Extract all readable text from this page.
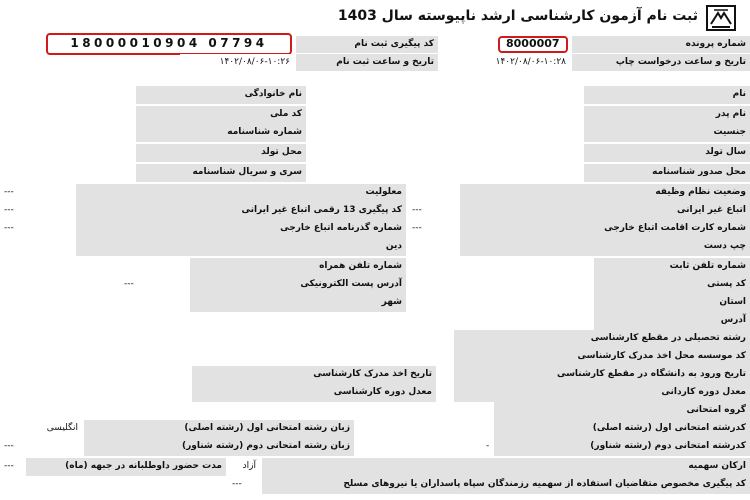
ثبت نام آزمون کارشناسی ارشد ناپیوسته سال 1403
شماره پرونده
کد پیگیری ثبت نام	8000007
18000010904 07794
تاریخ و ساعت درخواست چاپ
۱۴۰۲/۰۸/۰۶-۱۰:۲۸
تاریخ و ساعت ثبت نام
۱۴۰۲/۰۸/۰۶-۱۰:۲۶
نام
نام خانوادگی
نام پدر
کد ملی
جنسیت
شماره شناسنامه
سال تولد
محل تولد
محل صدور شناسنامه
سری و سریال شناسنامه
وضعیت نظام وظیفه
معلولیت
---
اتباع غیر ایرانی
---
کد پیگیری 13 رقمی اتباع غیر ایرانی
---
شماره کارت اقامت اتباع خارجی
---
شماره گذرنامه اتباع خارجی
---
چپ دست
دین
شماره تلفن ثابت
شماره تلفن همراه
کد پستی
آدرس پست الکترونیکی
---
استان
شهر
آدرس
رشته تحصیلی در مقطع کارشناسی
کد موسسه محل اخذ مدرک کارشناسی
تاریخ ورود به دانشگاه در مقطع کارشناسی
تاریخ اخذ مدرک کارشناسی
معدل دوره کاردانی
معدل دوره کارشناسی
گروه امتحانی
کدرشته امتحانی اول (رشته اصلی)
زبان رشته امتحانی اول (رشته اصلی)
انگلیسی
کدرشته امتحانی دوم (رشته شناور)
-
زبان رشته امتحانی دوم (رشته شناور)
---
ارکان سهمیه
آزاد
مدت حضور داوطلبانه در جبهه (ماه)
---
کد پیگیری مخصوص متقاضیان استفاده از سهمیه رزمندگان سپاه پاسداران یا نیروهای مسلح
---
